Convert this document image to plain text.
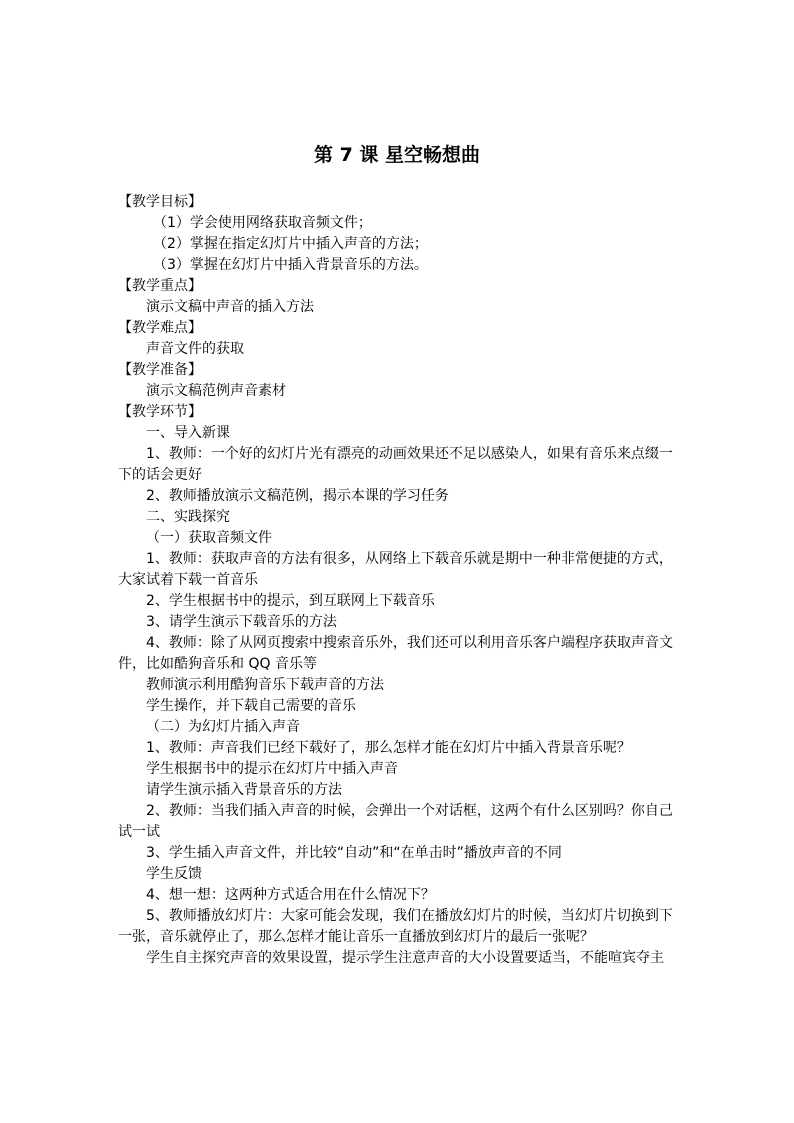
第 7 课 星空畅想曲
【教学目标】
（1）学会使用网络获取音频文件；
（2）掌握在指定幻灯片中插入声音的方法；
（3）掌握在幻灯片中插入背景音乐的方法。
【教学重点】
演示文稿中声音的插入方法
【教学难点】
声音文件的获取
【教学准备】
演示文稿范例声音素材
【教学环节】
一、导入新课
1、教师：一个好的幻灯片光有漂亮的动画效果还不足以感染人，如果有音乐来点缀一下的话会更好
2、教师播放演示文稿范例，揭示本课的学习任务
二、实践探究
（一）获取音频文件
1、教师：获取声音的方法有很多，从网络上下载音乐就是期中一种非常便捷的方式，大家试着下载一首音乐
2、学生根据书中的提示，到互联网上下载音乐
3、请学生演示下载音乐的方法
4、教师：除了从网页搜索中搜索音乐外，我们还可以利用音乐客户端程序获取声音文件，比如酷狗音乐和 QQ 音乐等
教师演示利用酷狗音乐下载声音的方法
学生操作，并下载自己需要的音乐
（二）为幻灯片插入声音
1、教师：声音我们已经下载好了，那么怎样才能在幻灯片中插入背景音乐呢？
学生根据书中的提示在幻灯片中插入声音
请学生演示插入背景音乐的方法
2、教师：当我们插入声音的时候，会弹出一个对话框，这两个有什么区别吗？你自己 试一试
3、学生插入声音文件，并比较“自动”和“在单击时”播放声音的不同
学生反馈
4、想一想：这两种方式适合用在什么情况下？
5、教师播放幻灯片：大家可能会发现，我们在播放幻灯片的时候，当幻灯片切换到下一张，音乐就停止了，那么怎样才能让音乐一直播放到幻灯片的最后一张呢？
学生自主探究声音的效果设置，提示学生注意声音的大小设置要适当，不能喧宾夺主
